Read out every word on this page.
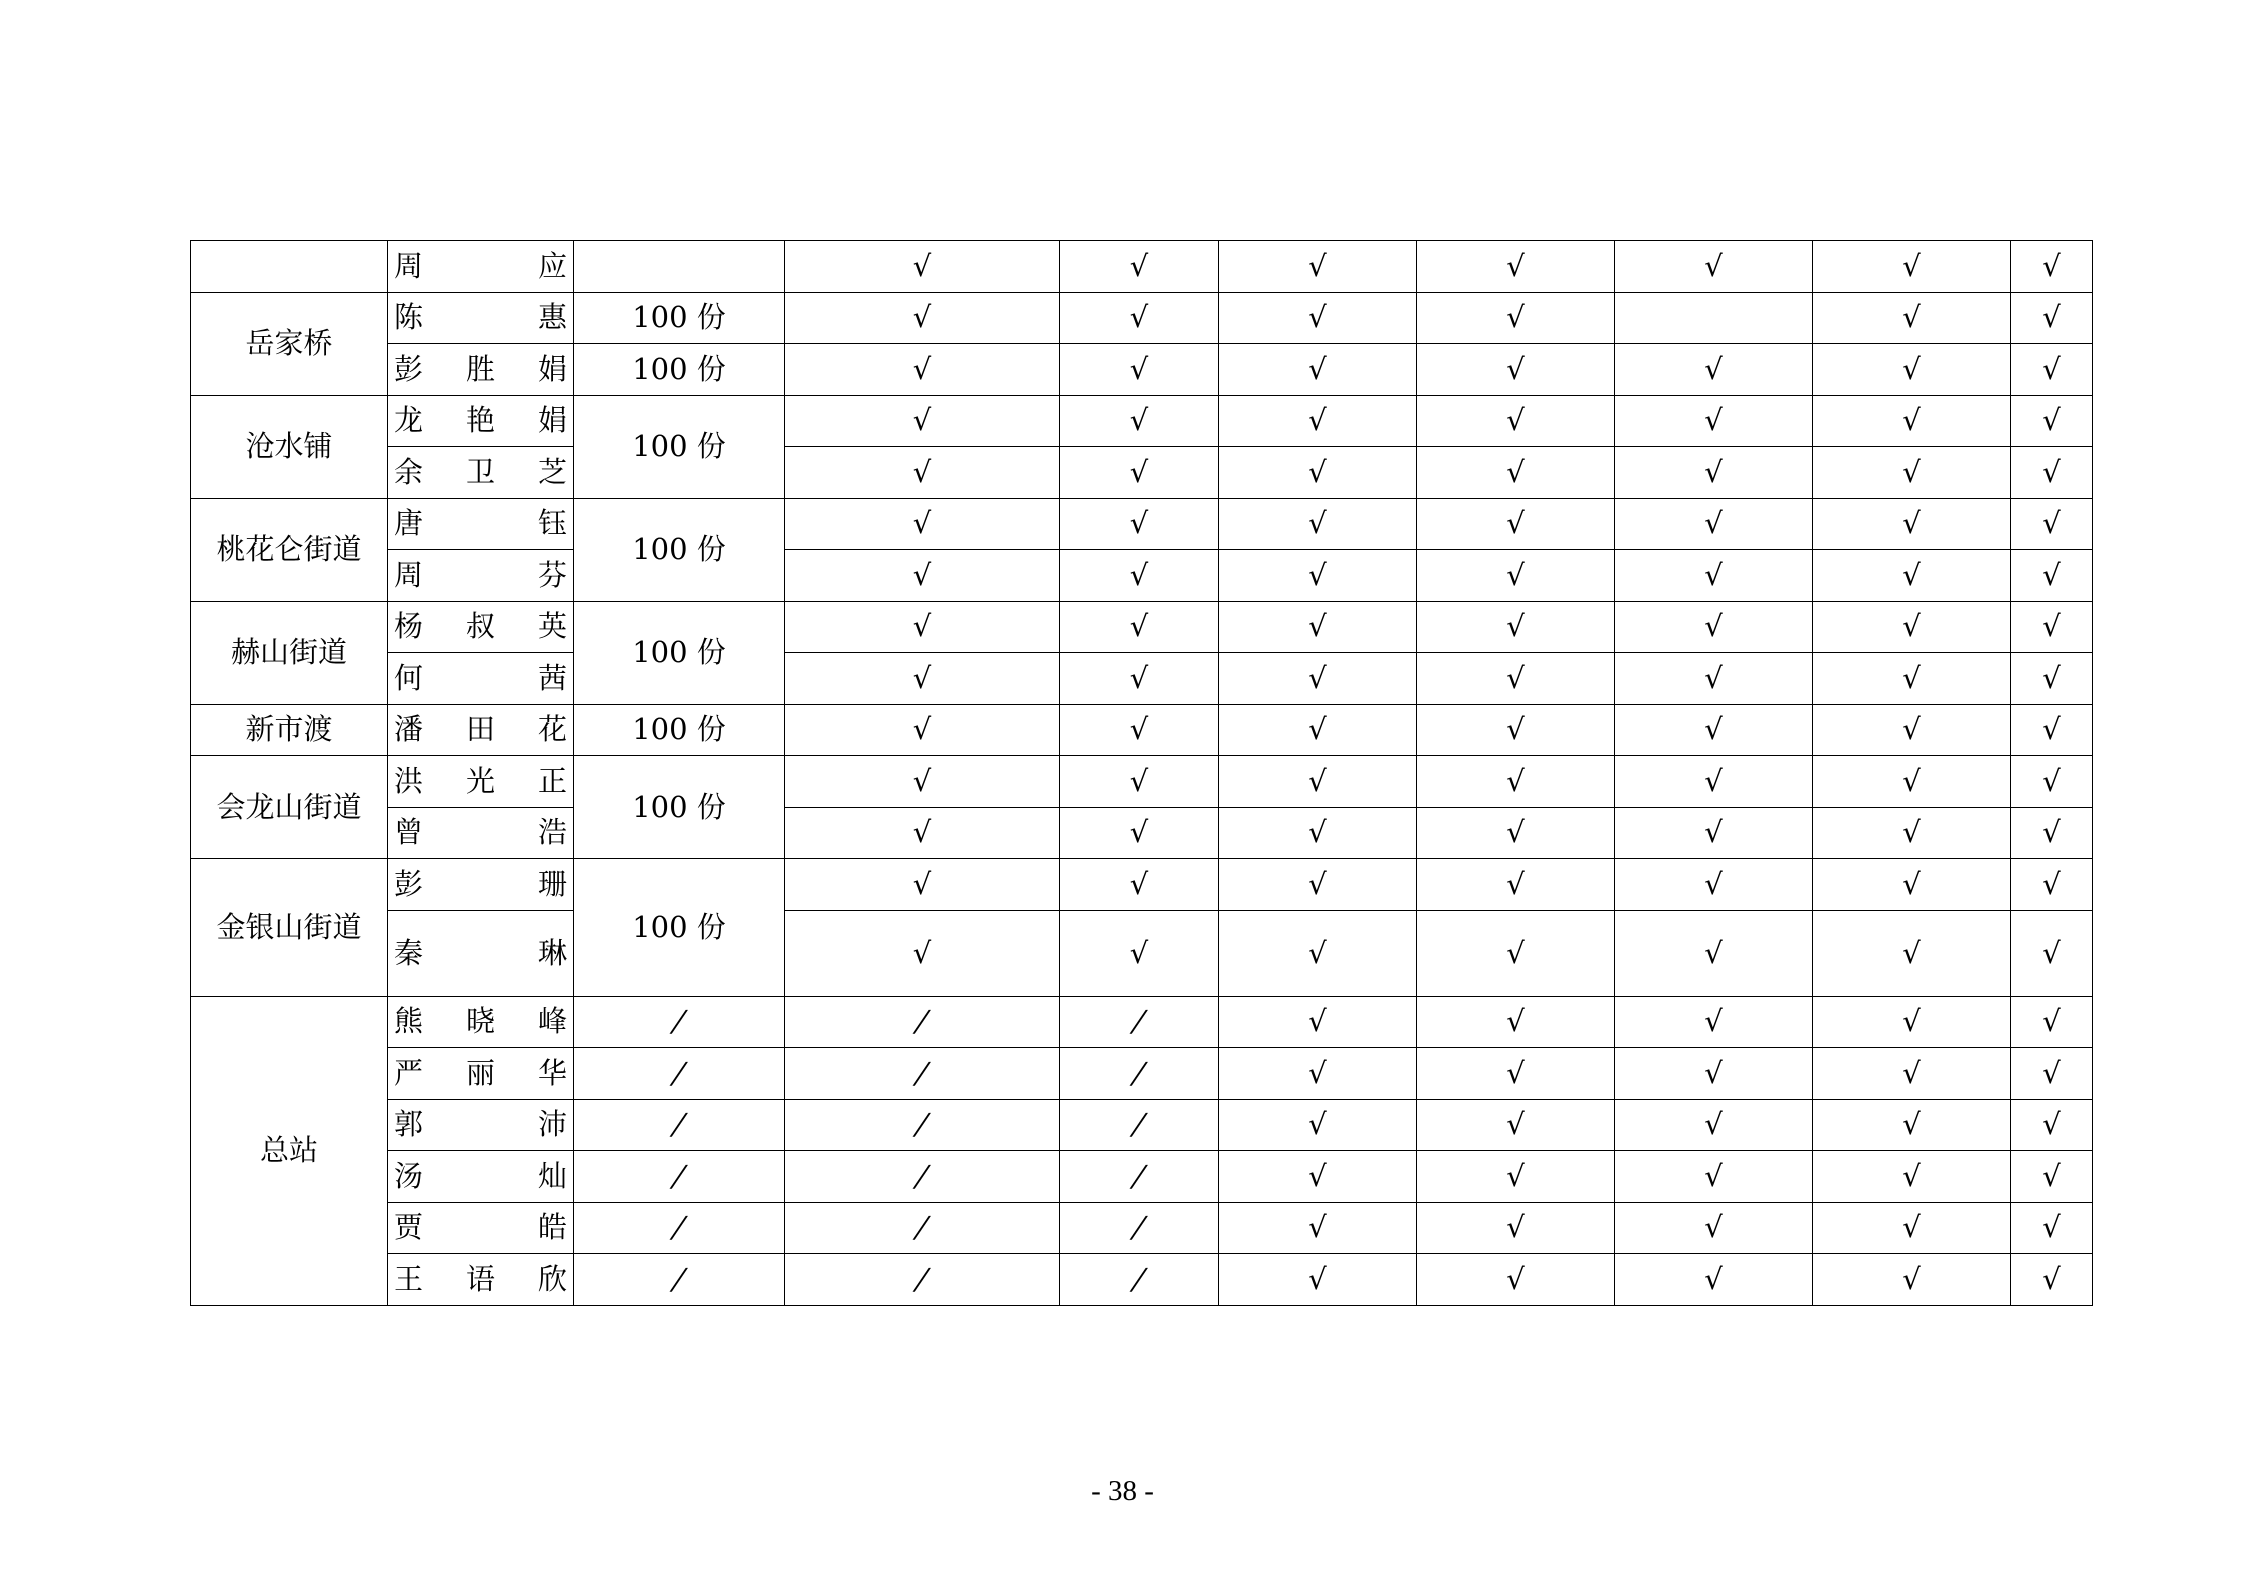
	周 应		√	√	√	√	√	√	√
岳家桥	陈 惠	100 份	√	√	√	√		√	√
	彭胜娟	100 份	√	√	√	√	√	√	√
沧水铺	龙艳娟	100 份	√	√	√	√	√	√	√
	余卫芝		√	√	√	√	√	√	√
桃花仑街道	唐 钰	100 份	√	√	√	√	√	√	√
	周 芬		√	√	√	√	√	√	√
赫山街道	杨叔英	100 份	√	√	√	√	√	√	√
	何 茜		√	√	√	√	√	√	√
新市渡	潘田花	100 份	√	√	√	√	√	√	√
会龙山街道	洪光正	100 份	√	√	√	√	√	√	√
	曾 浩		√	√	√	√	√	√	√
金银山街道	彭 珊	100 份	√	√	√	√	√	√	√
	秦 琳		√	√	√	√	√	√	√
总站	熊晓峰	/	/	/	√	√	√	√	√
	严丽华	/	/	/	√	√	√	√	√
	郭 沛	/	/	/	√	√	√	√	√
	汤 灿	/	/	/	√	√	√	√	√
	贾 皓	/	/	/	√	√	√	√	√
	王语欣	/	/	/	√	√	√	√	√
- 38 -
